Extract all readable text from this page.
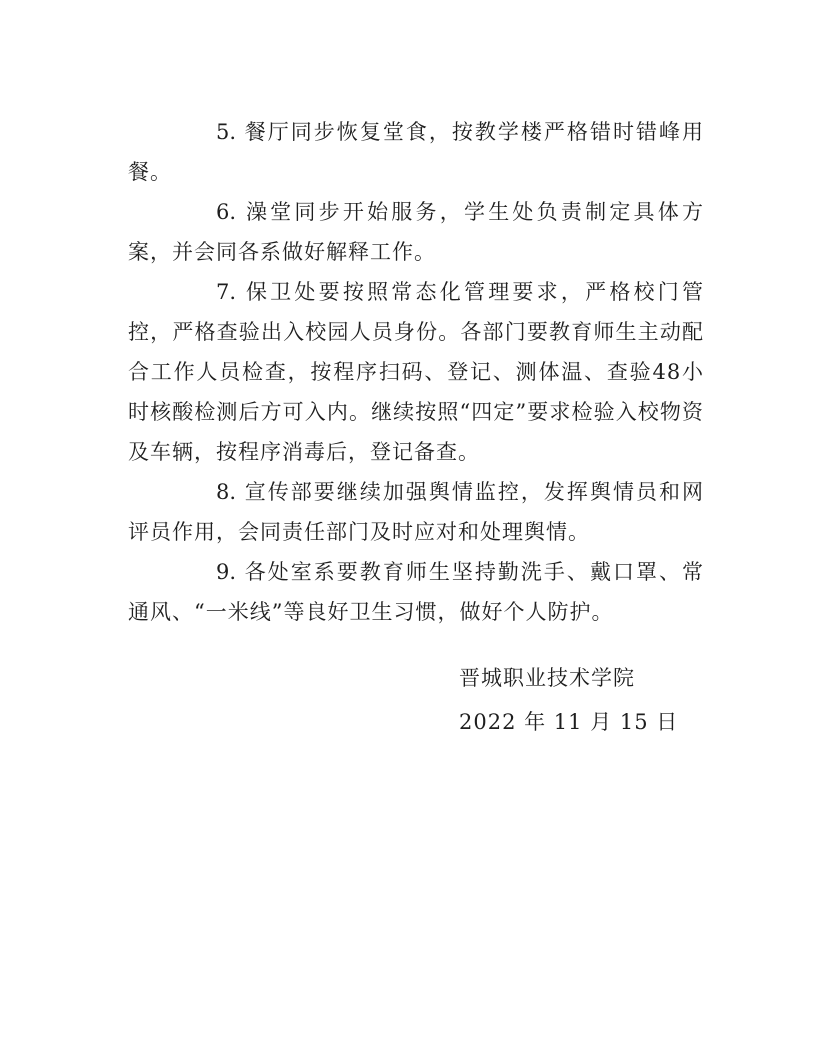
5. 餐厅同步恢复堂食，按教学楼严格错时错峰用餐。

6. 澡堂同步开始服务，学生处负责制定具体方案，并会同各系做好解释工作。

7. 保卫处要按照常态化管理要求，严格校门管控，严格查验出入校园人员身份。各部门要教育师生主动配合工作人员检查，按程序扫码、登记、测体温、查验48小时核酸检测后方可入内。继续按照“四定”要求检验入校物资及车辆，按程序消毒后，登记备查。

8. 宣传部要继续加强舆情监控，发挥舆情员和网评员作用，会同责任部门及时应对和处理舆情。

9. 各处室系要教育师生坚持勤洗手、戴口罩、常通风、“一米线”等良好卫生习惯，做好个人防护。

晋城职业技术学院
2022 年 11 月 15 日
